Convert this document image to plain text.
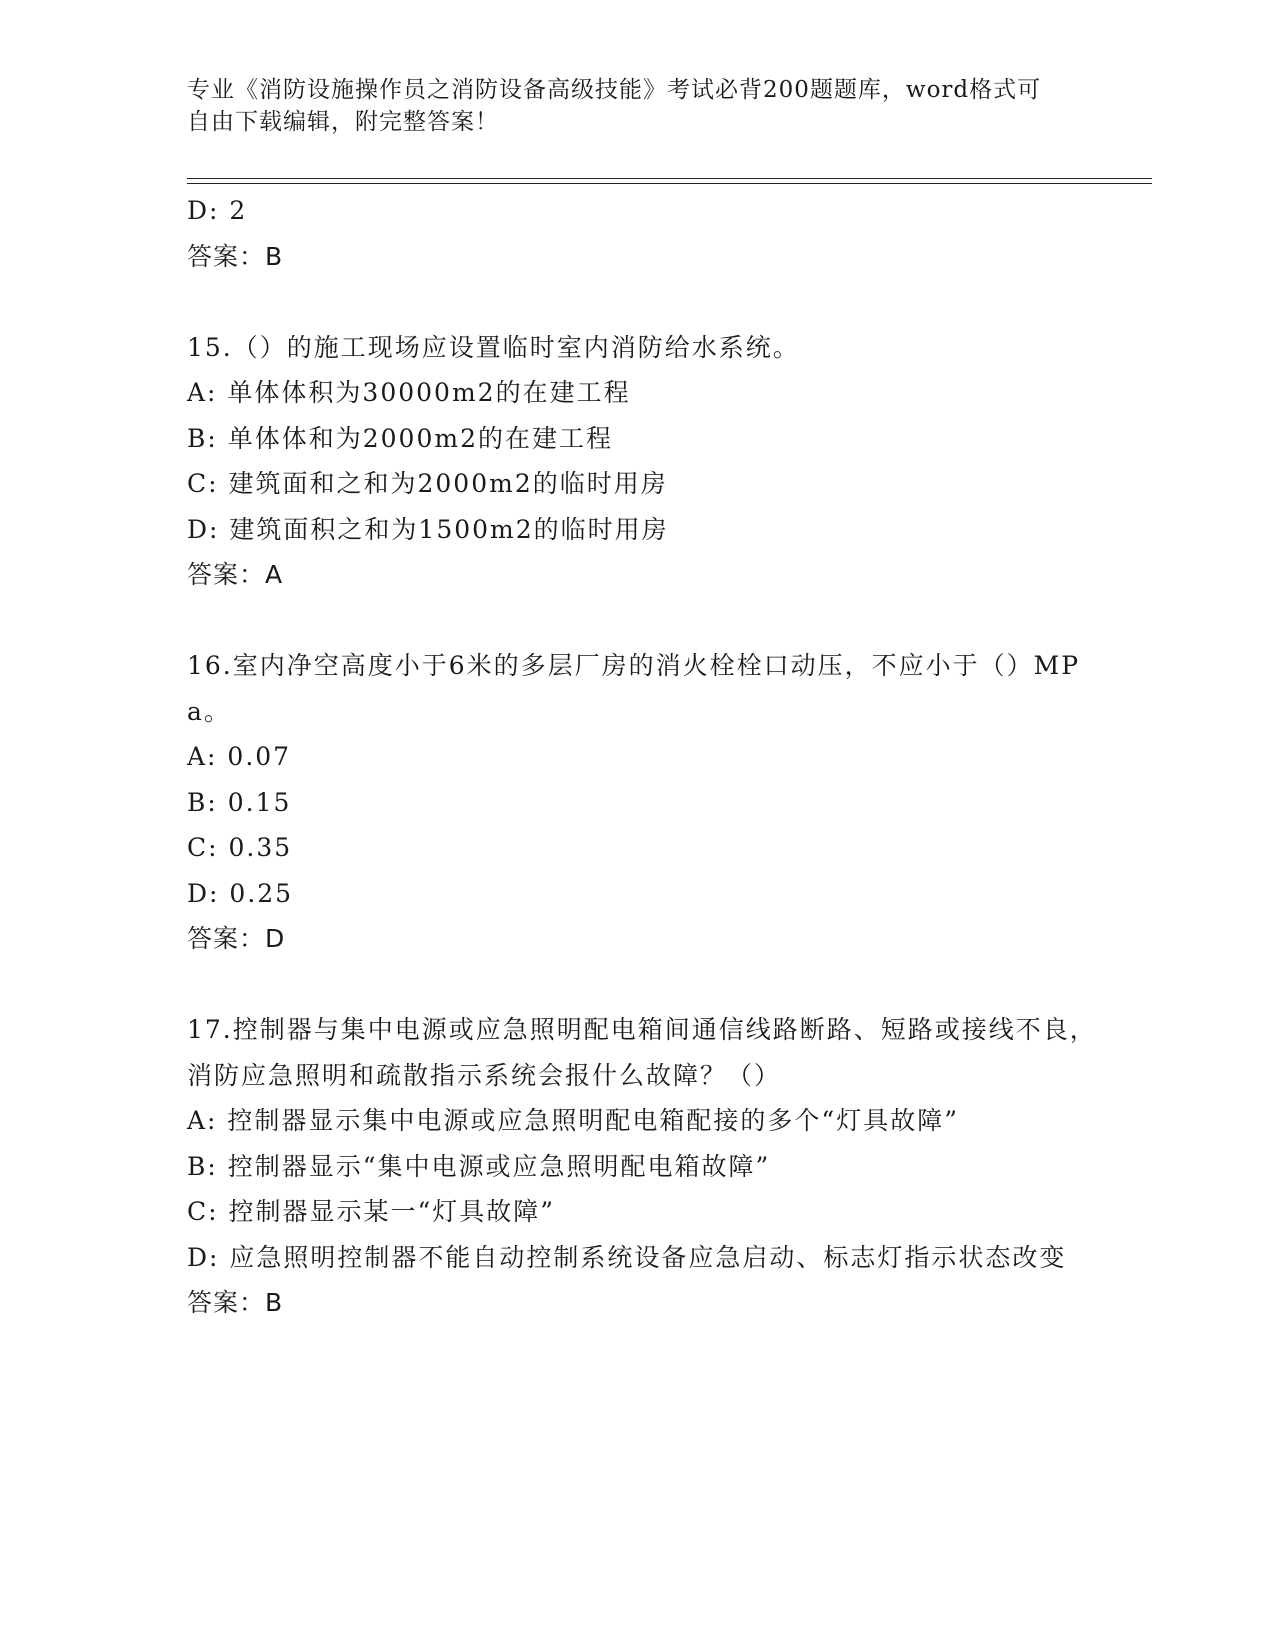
专业《消防设施操作员之消防设备高级技能》考试必背200题题库，word格式可
自由下载编辑，附完整答案！
D: 2
答案：B
15.（）的施工现场应设置临时室内消防给水系统。
A: 单体体积为30000m2的在建工程
B: 单体体和为2000m2的在建工程
C: 建筑面和之和为2000m2的临时用房
D: 建筑面积之和为1500m2的临时用房
答案：A
16.室内净空高度小于6米的多层厂房的消火栓栓口动压，不应小于（）MPa。
A: 0.07
B: 0.15
C: 0.35
D: 0.25
答案：D
17.控制器与集中电源或应急照明配电箱间通信线路断路、短路或接线不良，消防应急照明和疏散指示系统会报什么故障？（）
A: 控制器显示集中电源或应急照明配电箱配接的多个“灯具故障”
B: 控制器显示“集中电源或应急照明配电箱故障”
C: 控制器显示某一“灯具故障”
D: 应急照明控制器不能自动控制系统设备应急启动、标志灯指示状态改变
答案：B
